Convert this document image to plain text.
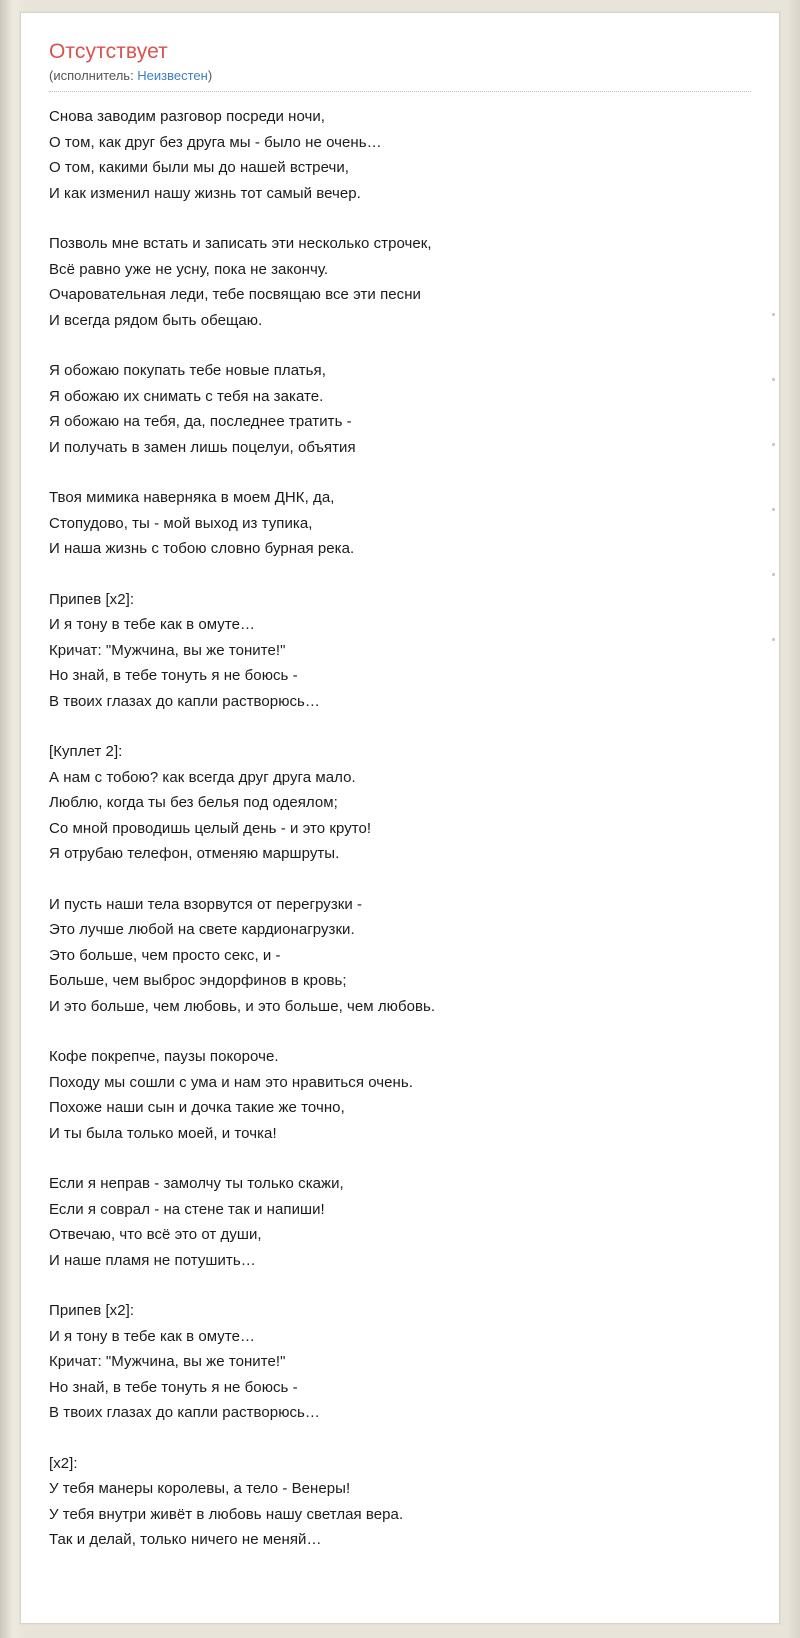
Отсутствует
(исполнитель: Неизвестен)
Снова заводим разговор посреди ночи,
О том, как друг без друга мы - было не очень…
О том, какими были мы до нашей встречи,
И как изменил нашу жизнь тот самый вечер.
Позволь мне встать и записать эти несколько строчек,
Всё равно уже не усну, пока не закончу.
Очаровательная леди, тебе посвящаю все эти песни
И всегда рядом быть обещаю.
Я обожаю покупать тебе новые платья,
Я обожаю их снимать с тебя на закате.
Я обожаю на тебя, да, последнее тратить -
И получать в замен лишь поцелуи, объятия
Твоя мимика наверняка в моем ДНК, да,
Стопудово, ты - мой выход из тупика,
И наша жизнь с тобою словно бурная река.
Припев [x2]:
И я тону в тебе как в омуте…
Кричат: "Мужчина, вы же тоните!"
Но знай, в тебе тонуть я не боюсь -
В твоих глазах до капли растворюсь…
[Куплет 2]:
А нам с тобою? как всегда друг друга мало.
Люблю, когда ты без белья под одеялом;
Со мной проводишь целый день - и это круто!
Я отрубаю телефон, отменяю маршруты.
И пусть наши тела взорвутся от перегрузки -
Это лучше любой на свете кардионагрузки.
Это больше, чем просто секс, и -
Больше, чем выброс эндорфинов в кровь;
И это больше, чем любовь, и это больше, чем любовь.
Кофе покрепче, паузы покороче.
Походу мы сошли с ума и нам это нравиться очень.
Похоже наши сын и дочка такие же точно,
И ты была только моей, и точка!
Если я неправ - замолчу ты только скажи,
Если я соврал - на стене так и напиши!
Отвечаю, что всё это от души,
И наше пламя не потушить…
Припев [x2]:
И я тону в тебе как в омуте…
Кричат: "Мужчина, вы же тоните!"
Но знай, в тебе тонуть я не боюсь -
В твоих глазах до капли растворюсь…
[x2]:
У тебя манеры королевы, а тело - Венеры!
У тебя внутри живёт в любовь нашу светлая вера.
Так и делай, только ничего не меняй…
